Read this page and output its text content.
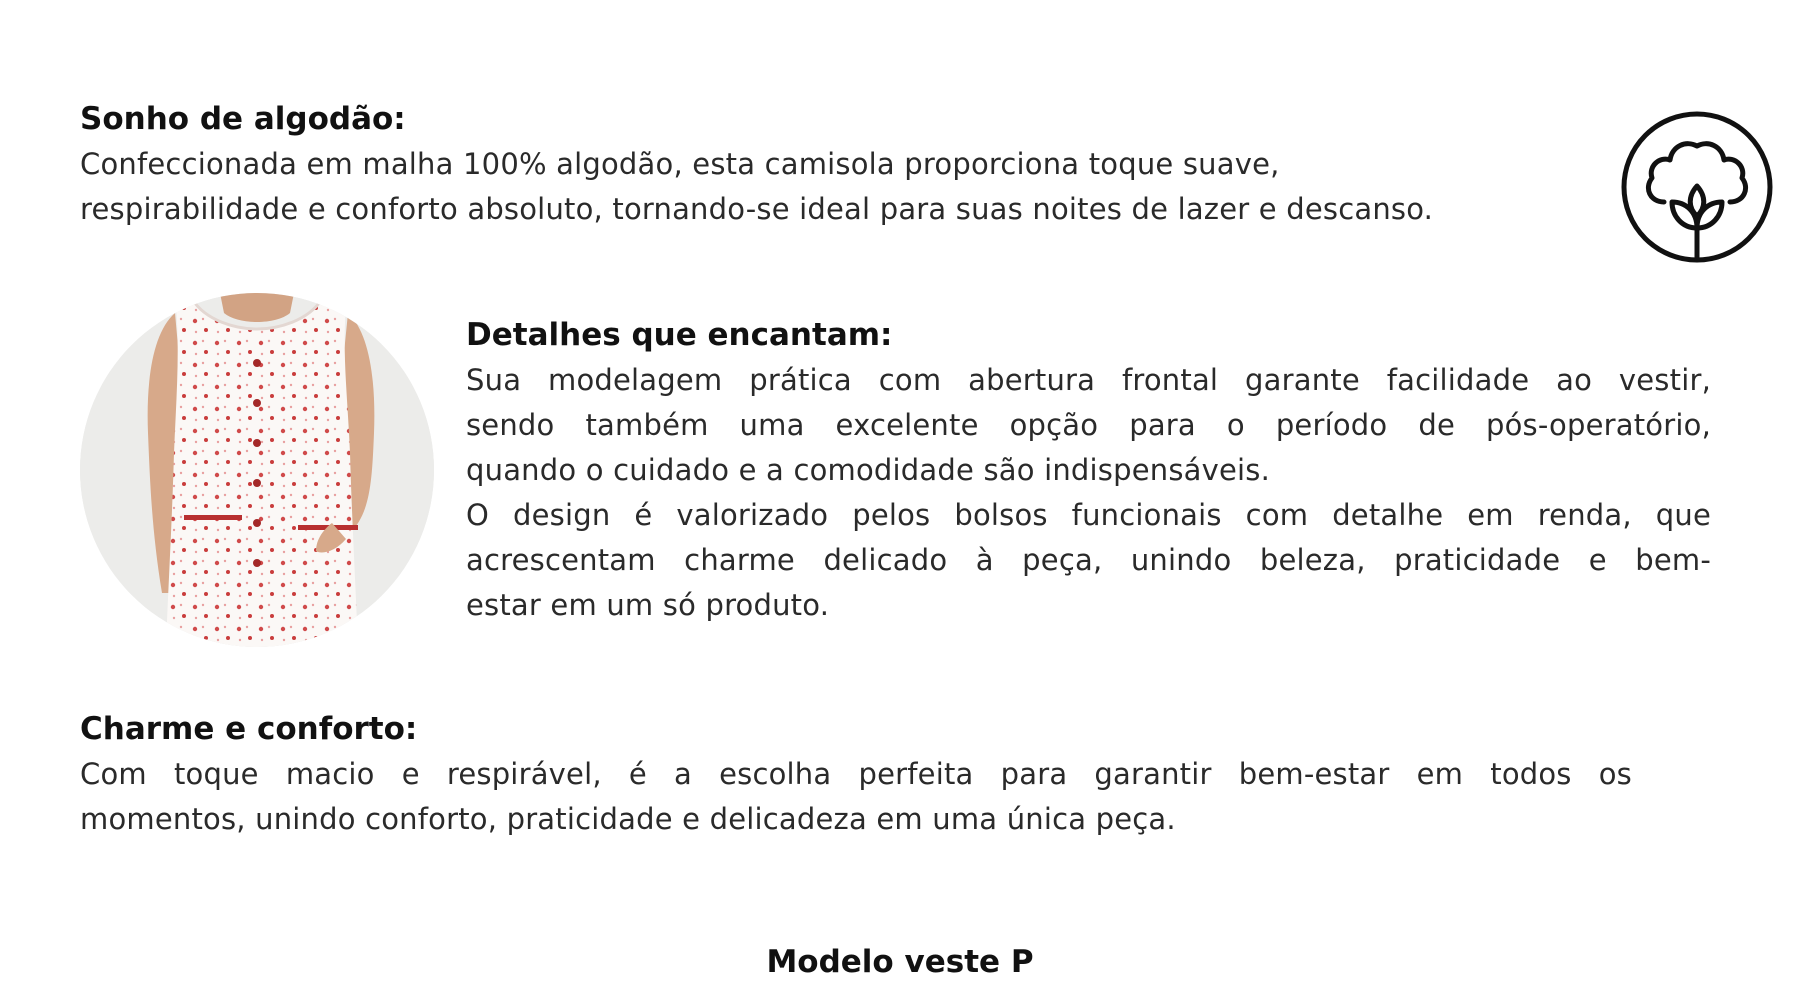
Sonho de algodão:

Confeccionada em malha 100% algodão, esta camisola proporciona toque suave,
respirabilidade e conforto absoluto, tornando-se ideal para suas noites de lazer e descanso.

Detalhes que encantam:

Sua modelagem prática com abertura frontal garante facilidade ao vestir,
sendo também uma excelente opção para o período de pós-operatório,
quando o cuidado e a comodidade são indispensáveis.

O design é valorizado pelos bolsos funcionais com detalhe em renda, que
acrescentam charme delicado à peça, unindo beleza, praticidade e bem-
estar em um só produto.

Charme e conforto:

Com toque macio e respirável, é a escolha perfeita para garantir bem-estar em todos os
momentos, unindo conforto, praticidade e delicadeza em uma única peça.

Modelo veste P
